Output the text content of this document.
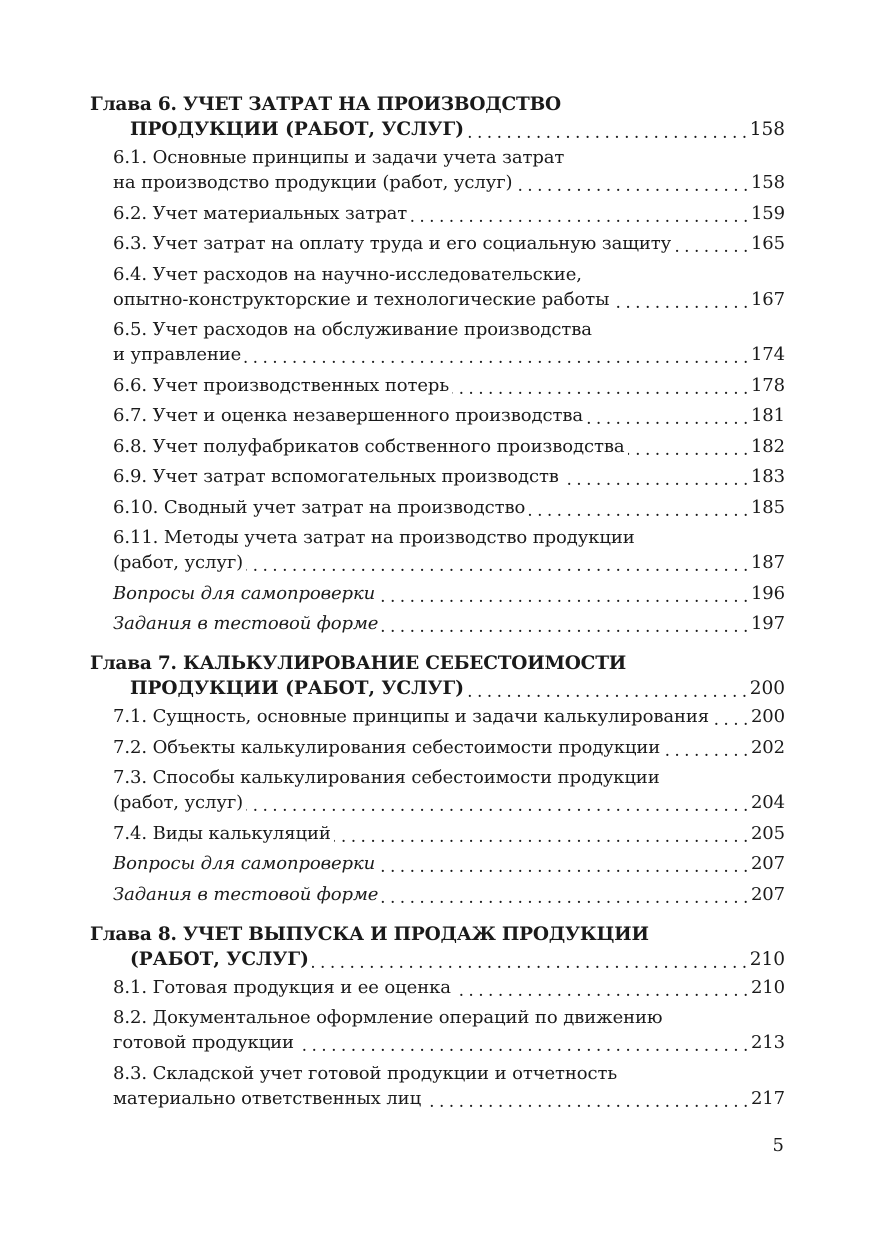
Глава 6. УЧЕТ ЗАТРАТ НА ПРОИЗВОДСТВО
ПРОДУКЦИИ (РАБОТ, УСЛУГ) . . .	158
6.1. Основные принципы и задачи учета затрат
на производство продукции (работ, услуг) . . .	158
6.2. Учет материальных затрат . . .	159
6.3. Учет затрат на оплату труда и его социальную защиту . . .	165
6.4. Учет расходов на научно-исследовательские,
опытно-конструкторские и технологические работы . . .	167
6.5. Учет расходов на обслуживание производства
и управление . . .	174
6.6. Учет производственных потерь . . .	178
6.7. Учет и оценка незавершенного производства . . .	181
6.8. Учет полуфабрикатов собственного производства . . .	182
6.9. Учет затрат вспомогательных производств . . .	183
6.10. Сводный учет затрат на производство . . .	185
6.11. Методы учета затрат на производство продукции
(работ, услуг) . . .	187
Вопросы для самопроверки . . .	196
Задания в тестовой форме . . .	197
Глава 7. КАЛЬКУЛИРОВАНИЕ СЕБЕСТОИМОСТИ
ПРОДУКЦИИ (РАБОТ, УСЛУГ) . . .	200
7.1. Сущность, основные принципы и задачи калькулирования . . . 200
7.2. Объекты калькулирования себестоимости продукции . . .	202
7.3. Способы калькулирования себестоимости продукции
(работ, услуг) . . .	204
7.4. Виды калькуляций . . .	205
Вопросы для самопроверки . . .	207
Задания в тестовой форме . . .	207
Глава 8. УЧЕТ ВЫПУСКА И ПРОДАЖ ПРОДУКЦИИ
(РАБОТ, УСЛУГ) . . .	210
8.1. Готовая продукция и ее оценка . . .	210
8.2. Документальное оформление операций по движению
готовой продукции . . .	213
8.3. Складской учет готовой продукции и отчетность
материально ответственных лиц . . .	217
5
